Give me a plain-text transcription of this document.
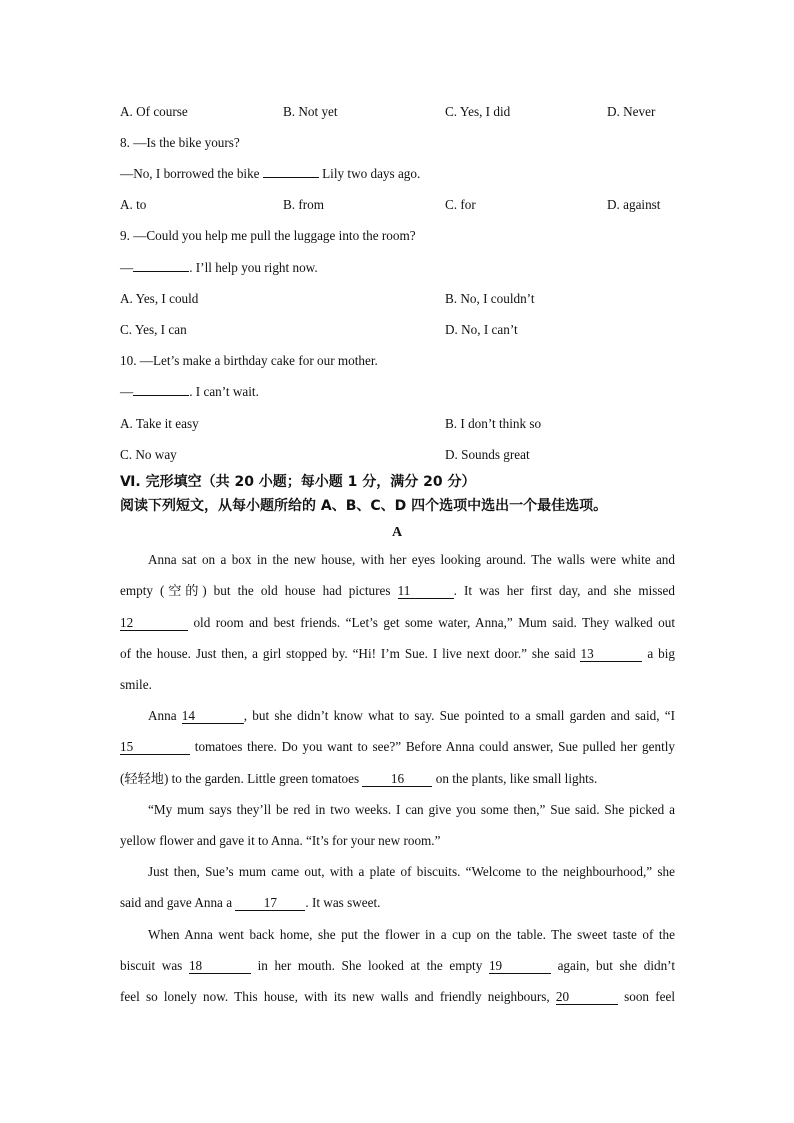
A. Of course	B. Not yet	C. Yes, I did	D. Never
8. —Is the bike yours?
—No, I borrowed the bike	Lily two days ago.
A. to	B. from	C. for	D. against
9. —Could you help me pull the luggage into the room?
—	. I’ll help you right now.
A. Yes, I could	B. No, I couldn’t
C. Yes, I can	D. No, I can’t
10. —Let’s make a birthday cake for our mother.
—	. I can’t wait.
A. Take it easy	B. I don’t think so
C. No way	D. Sounds great
Ⅵ. 完形填空（共 20 小题；每小题 1 分，满分 20 分）
阅读下列短文，从每小题所给的 A、B、C、D 四个选项中选出一个最佳选项。
A
Anna sat on a box in the new house, with her eyes looking around. The walls were white and
empty (空的) but the old house had pictures 11	. It was her first day, and she missed
12	old room and best friends. “Let’s get some water, Anna,” Mum said. They walked out
of the house. Just then, a girl stopped by. “Hi! I’m Sue. I live next door.” she said 13	a big
smile.
Anna 14	, but she didn’t know what to say. Sue pointed to a small garden and said, “I
15	tomatoes there. Do you want to see?” Before Anna could answer, Sue pulled her gently
(轻轻地) to the garden. Little green tomatoes 16 on the plants, like small lights.
“My mum says they’ll be red in two weeks. I can give you some then,” Sue said. She picked a
yellow flower and gave it to Anna. “It’s for your new room.”
Just then, Sue’s mum came out, with a plate of biscuits. “Welcome to the neighbourhood,” she
said and gave Anna a 17 . It was sweet.
When Anna went back home, she put the flower in a cup on the table. The sweet taste of the
biscuit was 18	in her mouth. She looked at the empty 19	again, but she didn’t
feel so lonely now. This house, with its new walls and friendly neighbours, 20	soon feel
